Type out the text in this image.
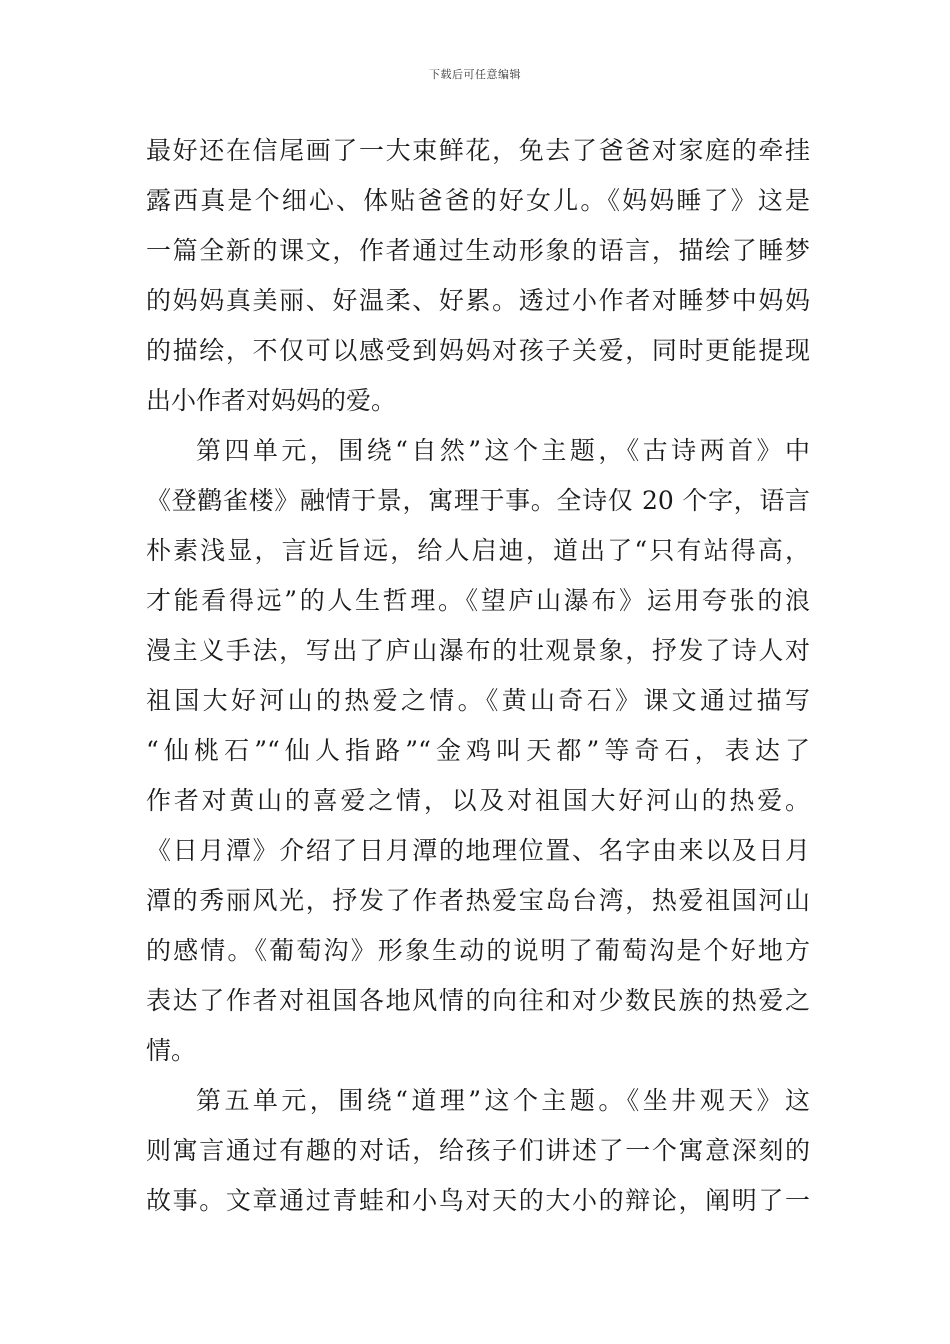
下载后可任意编辑
最好还在信尾画了一大束鲜花，免去了爸爸对家庭的牵挂
露西真是个细心、体贴爸爸的好女儿。《妈妈睡了》这是
一篇全新的课文，作者通过生动形象的语言，描绘了睡梦
的妈妈真美丽、好温柔、好累。透过小作者对睡梦中妈妈
的描绘，不仅可以感受到妈妈对孩子关爱，同时更能提现
出小作者对妈妈的爱。
第四单元，围绕“自然”这个主题，《古诗两首》中
《登鹳雀楼》融情于景，寓理于事。全诗仅 20 个字，语言
朴素浅显，言近旨远，给人启迪，道出了“只有站得高，
才能看得远”的人生哲理。《望庐山瀑布》运用夸张的浪
漫主义手法，写出了庐山瀑布的壮观景象，抒发了诗人对
祖国大好河山的热爱之情。《黄山奇石》课文通过描写
“仙桃石”“仙人指路”“金鸡叫天都”等奇石，表达了
作者对黄山的喜爱之情，以及对祖国大好河山的热爱。
《日月潭》介绍了日月潭的地理位置、名字由来以及日月
潭的秀丽风光，抒发了作者热爱宝岛台湾，热爱祖国河山
的感情。《葡萄沟》形象生动的说明了葡萄沟是个好地方
表达了作者对祖国各地风情的向往和对少数民族的热爱之
情。
第五单元，围绕“道理”这个主题。《坐井观天》这
则寓言通过有趣的对话，给孩子们讲述了一个寓意深刻的
故事。文章通过青蛙和小鸟对天的大小的辩论，阐明了一
